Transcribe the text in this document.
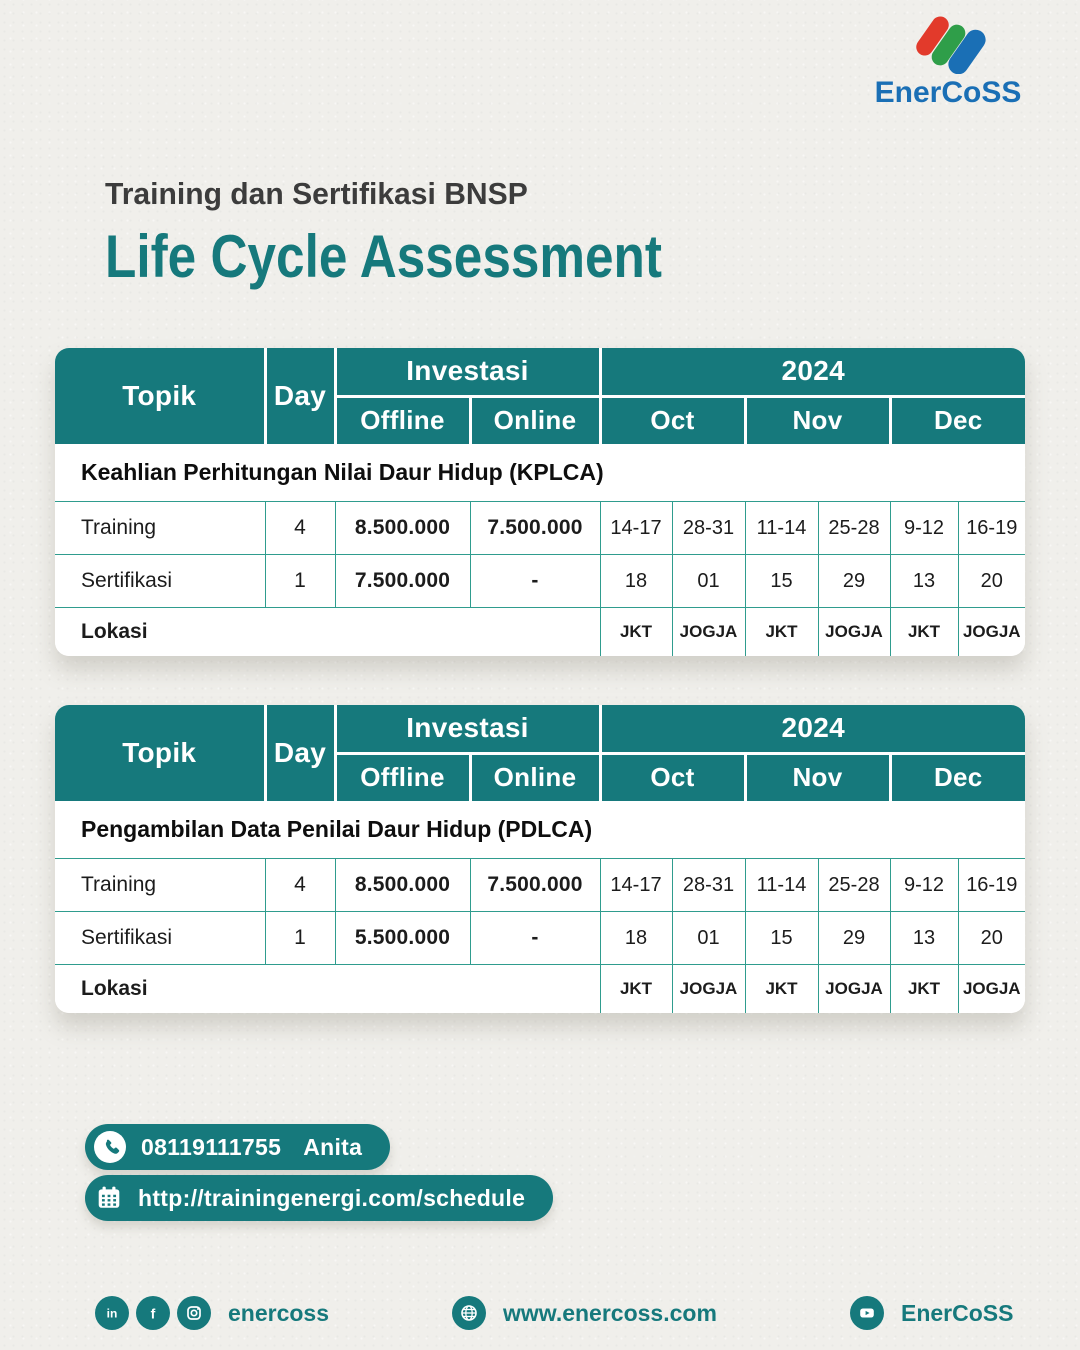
EnerCoSS
Training dan Sertifikasi BNSP
Life Cycle Assessment
Topik	Day	Investasi		2024					
		Offline	Online	Oct		Nov		Dec	
Keahlian Perhitungan Nilai Daur Hidup (KPLCA)									
Training	4	8.500.000	7.500.000	14-17	28-31	11-14	25-28	9-12	16-19
Sertifikasi	1	7.500.000	-	18	01	15	29	13	20
Lokasi				JKT	JOGJA	JKT	JOGJA	JKT	JOGJA
Topik	Day	Investasi		2024					
		Offline	Online	Oct		Nov		Dec	
Pengambilan Data Penilai Daur Hidup (PDLCA)									
Training	4	8.500.000	7.500.000	14-17	28-31	11-14	25-28	9-12	16-19
Sertifikasi	1	5.500.000	-	18	01	15	29	13	20
Lokasi				JKT	JOGJA	JKT	JOGJA	JKT	JOGJA
08119111755 Anita
http://trainingenergi.com/schedule
in f	enercoss	www.enercoss.com	EnerCoSS
